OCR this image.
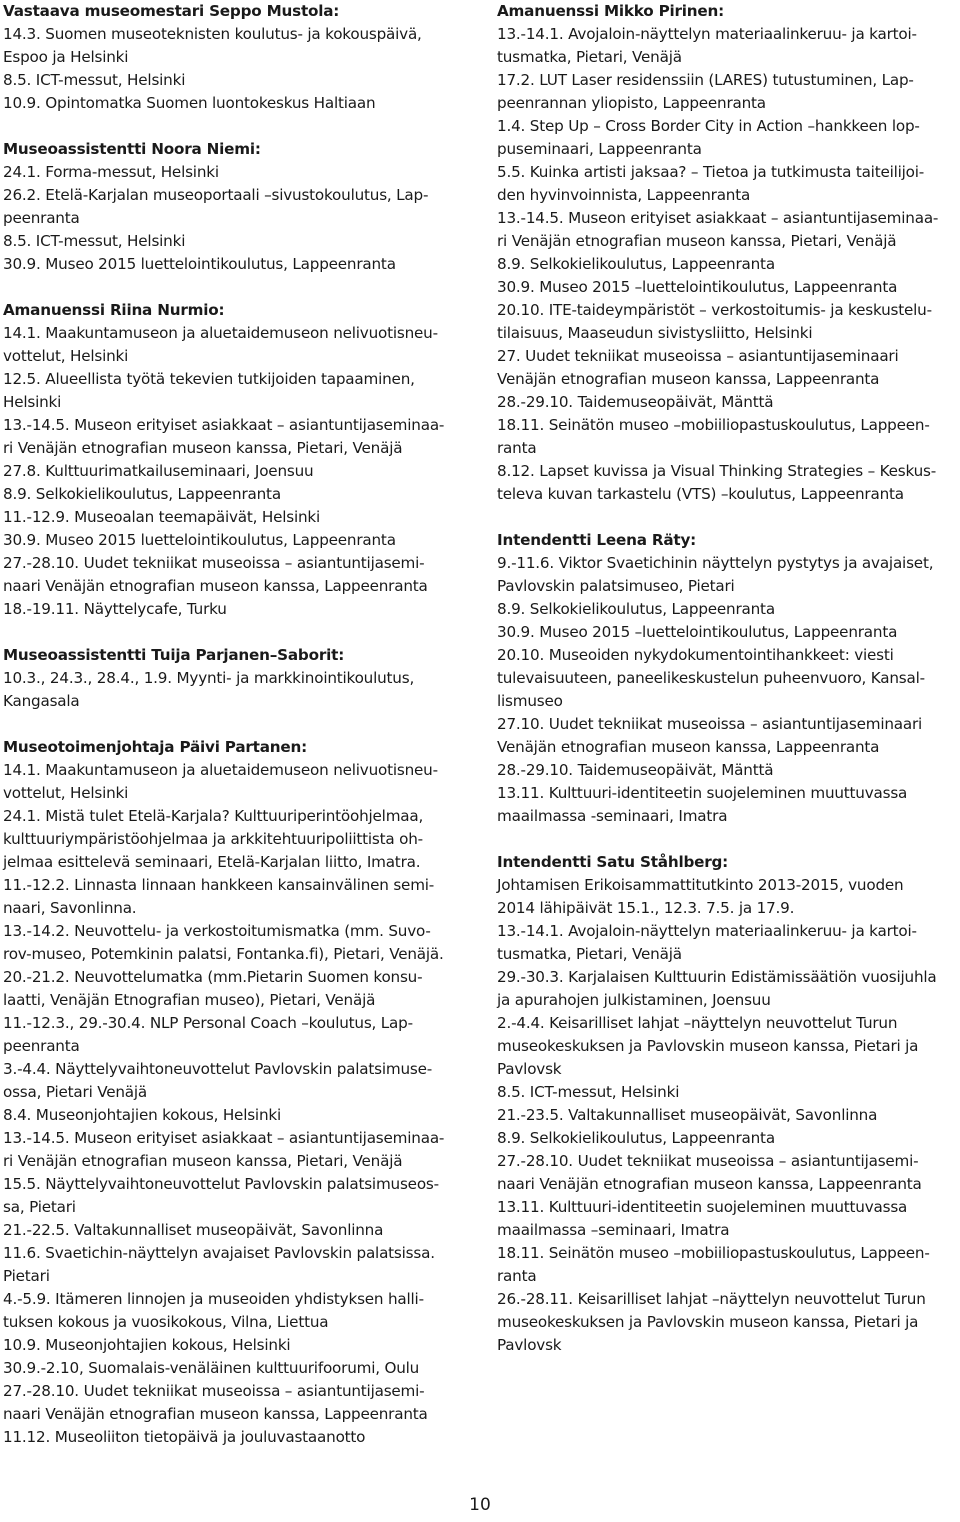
Vastaava museomestari Seppo Mustola:
14.3. Suomen museoteknisten koulutus- ja kokouspäivä,
Espoo ja Helsinki
8.5. ICT-messut, Helsinki
10.9. Opintomatka Suomen luontokeskus Haltiaan
Museoassistentti Noora Niemi:
24.1. Forma-messut, Helsinki
26.2. Etelä-Karjalan museoportaali –sivustokoulutus, Lap-
peenranta
8.5. ICT-messut, Helsinki
30.9. Museo 2015 luettelointikoulutus, Lappeenranta
Amanuenssi Riina Nurmio:
14.1. Maakuntamuseon ja aluetaidemuseon nelivuotisneu-
vottelut, Helsinki
12.5. Alueellista työtä tekevien tutkijoiden tapaaminen,
Helsinki
13.-14.5. Museon erityiset asiakkaat – asiantuntijaseminaa-
ri Venäjän etnografian museon kanssa, Pietari, Venäjä
27.8. Kulttuurimatkailuseminaari, Joensuu
8.9. Selkokielikoulutus, Lappeenranta
11.-12.9. Museoalan teemapäivät, Helsinki
30.9. Museo 2015 luettelointikoulutus, Lappeenranta
27.-28.10. Uudet tekniikat museoissa – asiantuntijasemi-
naari Venäjän etnografian museon kanssa, Lappeenranta
18.-19.11. Näyttelycafe, Turku
Museoassistentti Tuija Parjanen–Saborit:
10.3., 24.3., 28.4., 1.9. Myynti- ja markkinointikoulutus,
Kangasala
Museotoimenjohtaja Päivi Partanen:
14.1. Maakuntamuseon ja aluetaidemuseon nelivuotisneu-
vottelut, Helsinki
24.1. Mistä tulet Etelä-Karjala? Kulttuuriperintöohjelmaa,
kulttuuriympäristöohjelmaa ja arkkitehtuuripoliittista oh-
jelmaa esittelevä seminaari, Etelä-Karjalan liitto, Imatra.
11.-12.2. Linnasta linnaan hankkeen kansainvälinen semi-
naari, Savonlinna.
13.-14.2. Neuvottelu- ja verkostoitumismatka (mm. Suvo-
rov-museo, Potemkinin palatsi, Fontanka.fi), Pietari, Venäjä.
20.-21.2. Neuvottelumatka (mm.Pietarin Suomen konsu-
laatti, Venäjän Etnografian museo), Pietari, Venäjä
11.-12.3., 29.-30.4. NLP Personal Coach –koulutus, Lap-
peenranta
3.-4.4. Näyttelyvaihtoneuvottelut Pavlovskin palatsimuse-
ossa, Pietari Venäjä
8.4. Museonjohtajien kokous, Helsinki
13.-14.5. Museon erityiset asiakkaat – asiantuntijaseminaa-
ri Venäjän etnografian museon kanssa, Pietari, Venäjä
15.5. Näyttelyvaihtoneuvottelut Pavlovskin palatsimuseos-
sa, Pietari
21.-22.5. Valtakunnalliset museopäivät, Savonlinna
11.6. Svaetichin-näyttelyn avajaiset Pavlovskin palatsissa.
Pietari
4.-5.9. Itämeren linnojen ja museoiden yhdistyksen halli-
tuksen kokous ja vuosikokous, Vilna, Liettua
10.9. Museonjohtajien kokous, Helsinki
30.9.-2.10, Suomalais-venäläinen kulttuurifoorumi, Oulu
27.-28.10. Uudet tekniikat museoissa – asiantuntijasemi-
naari Venäjän etnografian museon kanssa, Lappeenranta
11.12. Museoliiton tietopäivä ja jouluvastaanotto
Amanuenssi Mikko Pirinen:
13.-14.1. Avojaloin-näyttelyn materiaalinkeruu- ja kartoi-
tusmatka, Pietari, Venäjä
17.2. LUT Laser residenssiin (LARES) tutustuminen, Lap-
peenrannan yliopisto, Lappeenranta
1.4. Step Up – Cross Border City in Action –hankkeen lop-
puseminaari, Lappeenranta
5.5. Kuinka artisti jaksaa? – Tietoa ja tutkimusta taiteilijoi-
den hyvinvoinnista, Lappeenranta
13.-14.5. Museon erityiset asiakkaat – asiantuntijaseminaa-
ri Venäjän etnografian museon kanssa, Pietari, Venäjä
8.9. Selkokielikoulutus, Lappeenranta
30.9. Museo 2015 –luettelointikoulutus, Lappeenranta
20.10. ITE-taideympäristöt – verkostoitumis- ja keskustelu-
tilaisuus, Maaseudun sivistysliitto, Helsinki
27. Uudet tekniikat museoissa – asiantuntijaseminaari
Venäjän etnografian museon kanssa, Lappeenranta
28.-29.10. Taidemuseopäivät, Mänttä
18.11. Seinätön museo –mobiiliopastuskoulutus, Lappeen-
ranta
8.12. Lapset kuvissa ja Visual Thinking Strategies – Keskus-
televa kuvan tarkastelu (VTS) –koulutus, Lappeenranta
Intendentti Leena Räty:
9.-11.6. Viktor Svaetichinin näyttelyn pystytys ja avajaiset,
Pavlovskin palatsimuseo, Pietari
8.9. Selkokielikoulutus, Lappeenranta
30.9. Museo 2015 –luettelointikoulutus, Lappeenranta
20.10. Museoiden nykydokumentointihankkeet: viesti
tulevaisuuteen, paneelikeskustelun puheenvuoro, Kansal-
lismuseo
27.10. Uudet tekniikat museoissa – asiantuntijaseminaari
Venäjän etnografian museon kanssa, Lappeenranta
28.-29.10. Taidemuseopäivät, Mänttä
13.11. Kulttuuri-identiteetin suojeleminen muuttuvassa
maailmassa -seminaari, Imatra
Intendentti Satu Ståhlberg:
Johtamisen Erikoisammattitutkinto 2013-2015, vuoden
2014 lähipäivät 15.1., 12.3. 7.5. ja 17.9.
13.-14.1. Avojaloin-näyttelyn materiaalinkeruu- ja kartoi-
tusmatka, Pietari, Venäjä
29.-30.3. Karjalaisen Kulttuurin Edistämissäätiön vuosijuhla
ja apurahojen julkistaminen, Joensuu
2.-4.4. Keisarilliset lahjat –näyttelyn neuvottelut Turun
museokeskuksen ja Pavlovskin museon kanssa, Pietari ja
Pavlovsk
8.5. ICT-messut, Helsinki
21.-23.5. Valtakunnalliset museopäivät, Savonlinna
8.9. Selkokielikoulutus, Lappeenranta
27.-28.10. Uudet tekniikat museoissa – asiantuntijasemi-
naari Venäjän etnografian museon kanssa, Lappeenranta
13.11. Kulttuuri-identiteetin suojeleminen muuttuvassa
maailmassa –seminaari, Imatra
18.11. Seinätön museo –mobiiliopastuskoulutus, Lappeen-
ranta
26.-28.11. Keisarilliset lahjat –näyttelyn neuvottelut Turun
museokeskuksen ja Pavlovskin museon kanssa, Pietari ja
Pavlovsk
10
